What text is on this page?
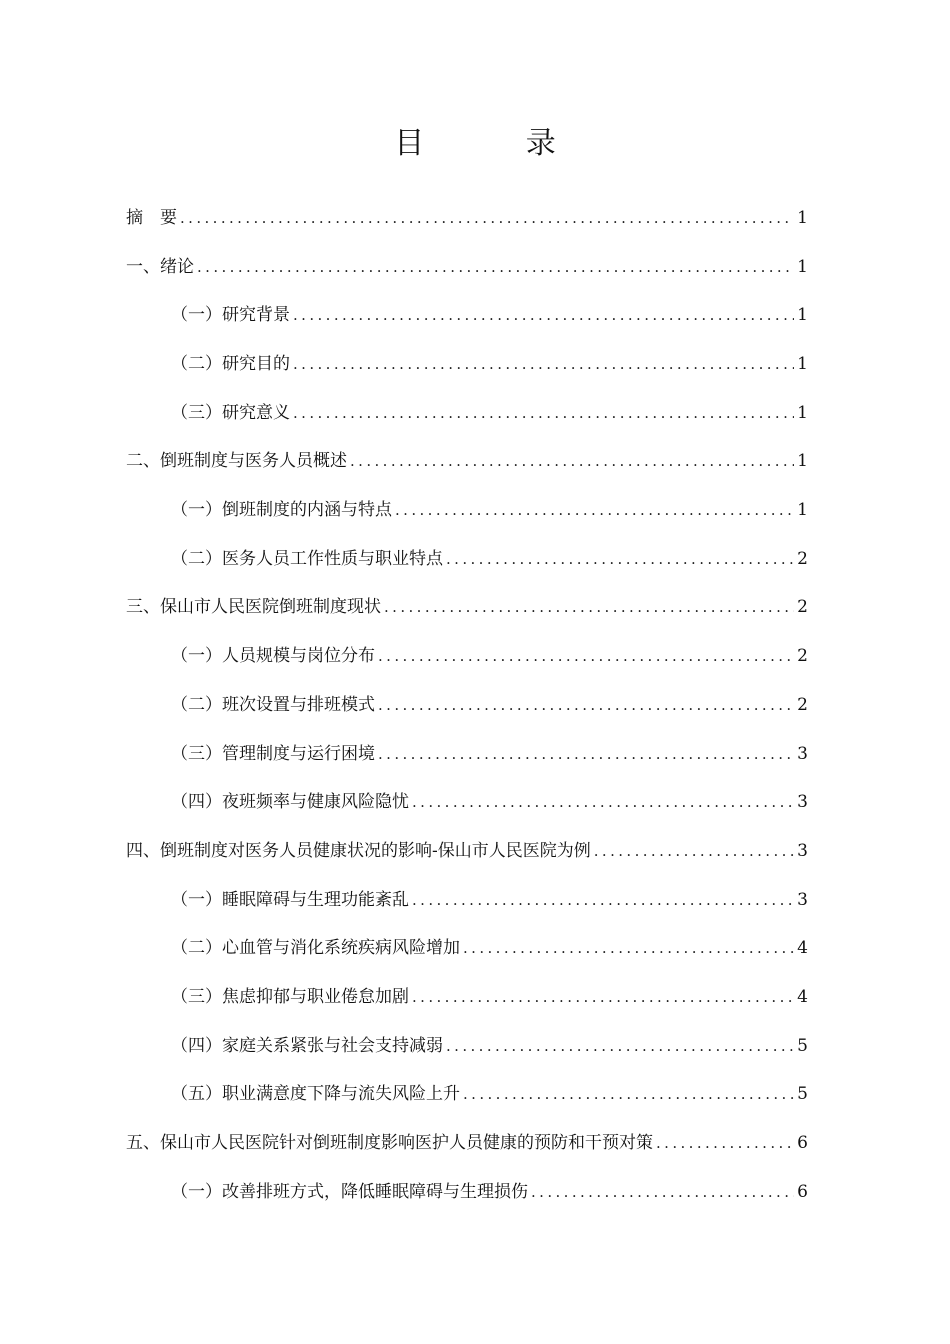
目 录
摘　要 .....	1
一、绪论 .....	1
（一）研究背景 .....	1
（二）研究目的 .....	1
（三）研究意义 .....	1
二、倒班制度与医务人员概述 .....	1
（一）倒班制度的内涵与特点 .....	1
（二）医务人员工作性质与职业特点 .....	2
三、保山市人民医院倒班制度现状 .....	2
（一）人员规模与岗位分布 .....	2
（二）班次设置与排班模式 .....	2
（三）管理制度与运行困境 .....	3
（四）夜班频率与健康风险隐忧 .....	3
四、倒班制度对医务人员健康状况的影响-保山市人民医院为例 .....	3
（一）睡眠障碍与生理功能紊乱 .....	3
（二）心血管与消化系统疾病风险增加 .....	4
（三）焦虑抑郁与职业倦怠加剧 .....	4
（四）家庭关系紧张与社会支持减弱 .....	5
（五）职业满意度下降与流失风险上升 .....	5
五、保山市人民医院针对倒班制度影响医护人员健康的预防和干预对策 .....	6
（一）改善排班方式，降低睡眠障碍与生理损伤 .....	6
